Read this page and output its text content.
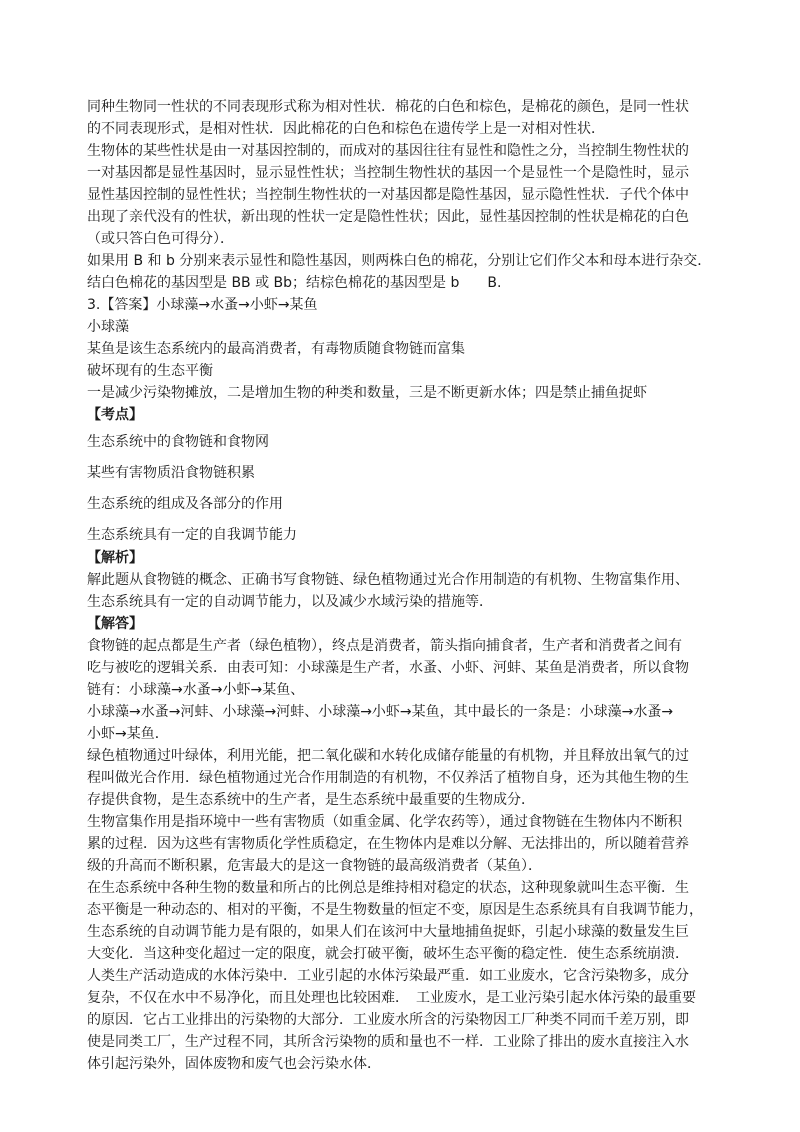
同种生物同一性状的不同表现形式称为相对性状．棉花的白色和棕色，是棉花的颜色，是同一性状
的不同表现形式，是相对性状．因此棉花的白色和棕色在遗传学上是一对相对性状．
生物体的某些性状是由一对基因控制的，而成对的基因往往有显性和隐性之分，当控制生物性状的
一对基因都是显性基因时，显示显性性状；当控制生物性状的基因一个是显性一个是隐性时，显示
显性基因控制的显性性状；当控制生物性状的一对基因都是隐性基因，显示隐性性状．子代个体中
出现了亲代没有的性状，新出现的性状一定是隐性性状；因此，显性基因控制的性状是棉花的白色
（或只答白色可得分）．
如果用 B 和 b 分别来表示显性和隐性基因，则两株白色的棉花，分别让它们作父本和母本进行杂交．
结白色棉花的基因型是 BB 或 Bb；结棕色棉花的基因型是 b　　B.
3.【答案】小球藻→水蚤→小虾→某鱼
小球藻
某鱼是该生态系统内的最高消费者，有毒物质随食物链而富集
破坏现有的生态平衡
一是减少污染物摊放，二是增加生物的种类和数量，三是不断更新水体；四是禁止捕鱼捉虾
【考点】
生态系统中的食物链和食物网
某些有害物质沿食物链积累
生态系统的组成及各部分的作用
生态系统具有一定的自我调节能力
【解析】
解此题从食物链的概念、正确书写食物链、绿色植物通过光合作用制造的有机物、生物富集作用、
生态系统具有一定的自动调节能力，以及减少水域污染的措施等．
【解答】
食物链的起点都是生产者（绿色植物），终点是消费者，箭头指向捕食者，生产者和消费者之间有
吃与被吃的逻辑关系．由表可知：小球藻是生产者，水蚤、小虾、河蚌、某鱼是消费者，所以食物
链有：小球藻→水蚤→小虾→某鱼、
小球藻→水蚤→河蚌、小球藻→河蚌、小球藻→小虾→某鱼，其中最长的一条是：小球藻→水蚤→
小虾→某鱼．
绿色植物通过叶绿体，利用光能，把二氧化碳和水转化成储存能量的有机物，并且释放出氧气的过
程叫做光合作用．绿色植物通过光合作用制造的有机物，不仅养活了植物自身，还为其他生物的生
存提供食物，是生态系统中的生产者，是生态系统中最重要的生物成分．
生物富集作用是指环境中一些有害物质（如重金属、化学农药等），通过食物链在生物体内不断积
累的过程．因为这些有害物质化学性质稳定，在生物体内是难以分解、无法排出的，所以随着营养
级的升高而不断积累，危害最大的是这一食物链的最高级消费者（某鱼）．
在生态系统中各种生物的数量和所占的比例总是维持相对稳定的状态，这种现象就叫生态平衡．生
态平衡是一种动态的、相对的平衡，不是生物数量的恒定不变，原因是生态系统具有自我调节能力，
生态系统的自动调节能力是有限的，如果人们在该河中大量地捕鱼捉虾，引起小球藻的数量发生巨
大变化．当这种变化超过一定的限度，就会打破平衡，破坏生态平衡的稳定性．使生态系统崩溃．
人类生产活动造成的水体污染中．工业引起的水体污染最严重．如工业废水，它含污染物多，成分
复杂，不仅在水中不易净化，而且处理也比较困难．　工业废水，是工业污染引起水体污染的最重要
的原因．它占工业排出的污染物的大部分．工业废水所含的污染物因工厂种类不同而千差万别，即
使是同类工厂，生产过程不同，其所含污染物的质和量也不一样．工业除了排出的废水直接注入水
体引起污染外，固体废物和废气也会污染水体．
